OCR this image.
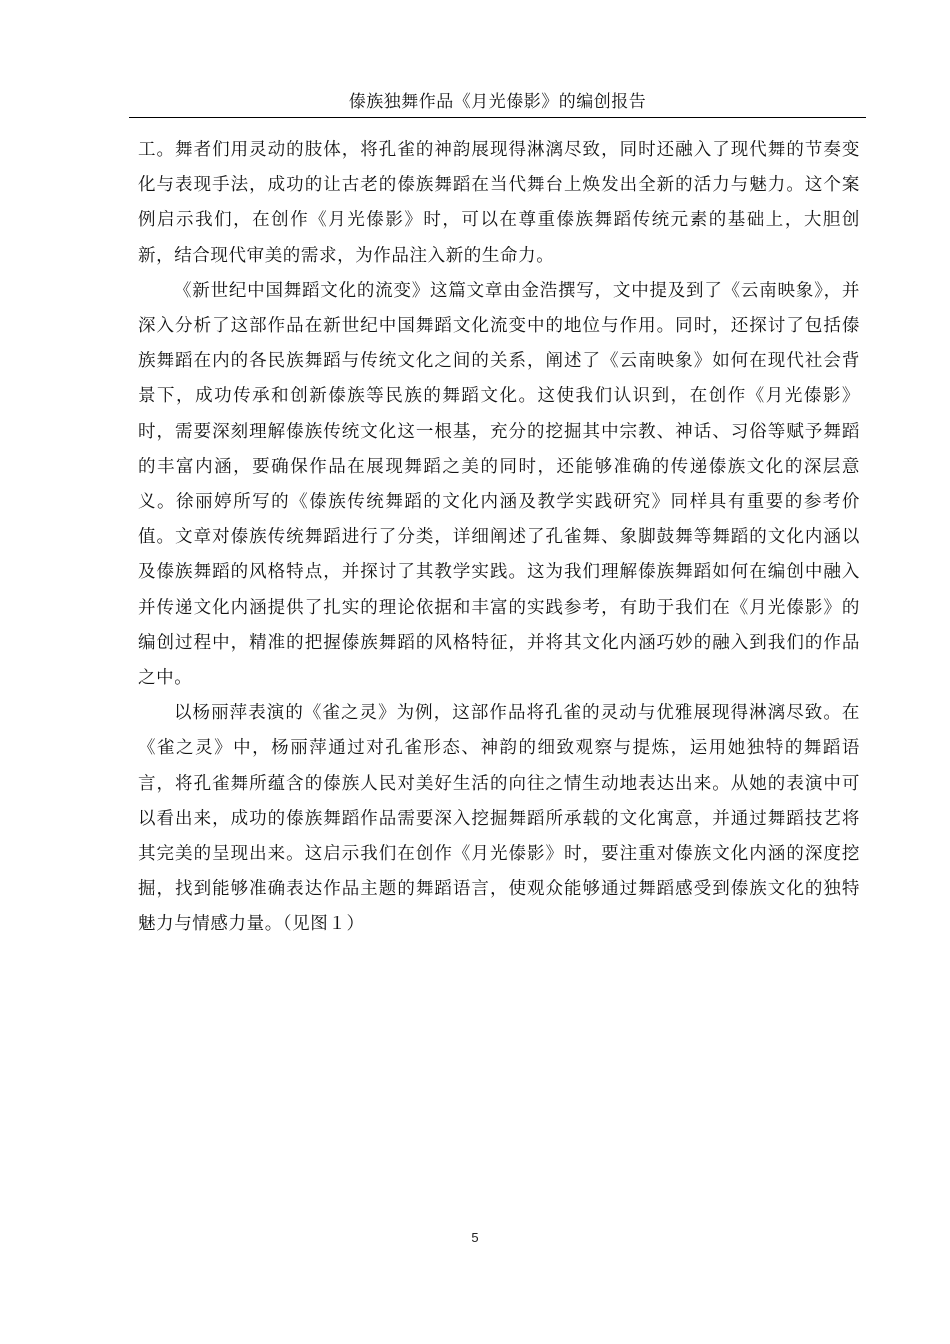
傣族独舞作品《月光傣影》的编创报告

工。舞者们用灵动的肢体，将孔雀的神韵展现得淋漓尽致，同时还融入了现代舞的节奏变化与表现手法，成功的让古老的傣族舞蹈在当代舞台上焕发出全新的活力与魅力。这个案例启示我们，在创作《月光傣影》时，可以在尊重傣族舞蹈传统元素的基础上，大胆创新，结合现代审美的需求，为作品注入新的生命力。

《新世纪中国舞蹈文化的流变》这篇文章由金浩撰写，文中提及到了《云南映象》，并深入分析了这部作品在新世纪中国舞蹈文化流变中的地位与作用。同时，还探讨了包括傣族舞蹈在内的各民族舞蹈与传统文化之间的关系，阐述了《云南映象》如何在现代社会背景下，成功传承和创新傣族等民族的舞蹈文化。这使我们认识到，在创作《月光傣影》时，需要深刻理解傣族传统文化这一根基，充分的挖掘其中宗教、神话、习俗等赋予舞蹈的丰富内涵，要确保作品在展现舞蹈之美的同时，还能够准确的传递傣族文化的深层意义。徐丽婷所写的《傣族传统舞蹈的文化内涵及教学实践研究》同样具有重要的参考价值。文章对傣族传统舞蹈进行了分类，详细阐述了孔雀舞、象脚鼓舞等舞蹈的文化内涵以及傣族舞蹈的风格特点，并探讨了其教学实践。这为我们理解傣族舞蹈如何在编创中融入并传递文化内涵提供了扎实的理论依据和丰富的实践参考，有助于我们在《月光傣影》的编创过程中，精准的把握傣族舞蹈的风格特征，并将其文化内涵巧妙的融入到我们的作品之中。

以杨丽萍表演的《雀之灵》为例，这部作品将孔雀的灵动与优雅展现得淋漓尽致。在《雀之灵》中，杨丽萍通过对孔雀形态、神韵的细致观察与提炼，运用她独特的舞蹈语言，将孔雀舞所蕴含的傣族人民对美好生活的向往之情生动地表达出来。从她的表演中可以看出来，成功的傣族舞蹈作品需要深入挖掘舞蹈所承载的文化寓意，并通过舞蹈技艺将其完美的呈现出来。这启示我们在创作《月光傣影》时，要注重对傣族文化内涵的深度挖掘，找到能够准确表达作品主题的舞蹈语言，使观众能够通过舞蹈感受到傣族文化的独特魅力与情感力量。（见图１）

5
